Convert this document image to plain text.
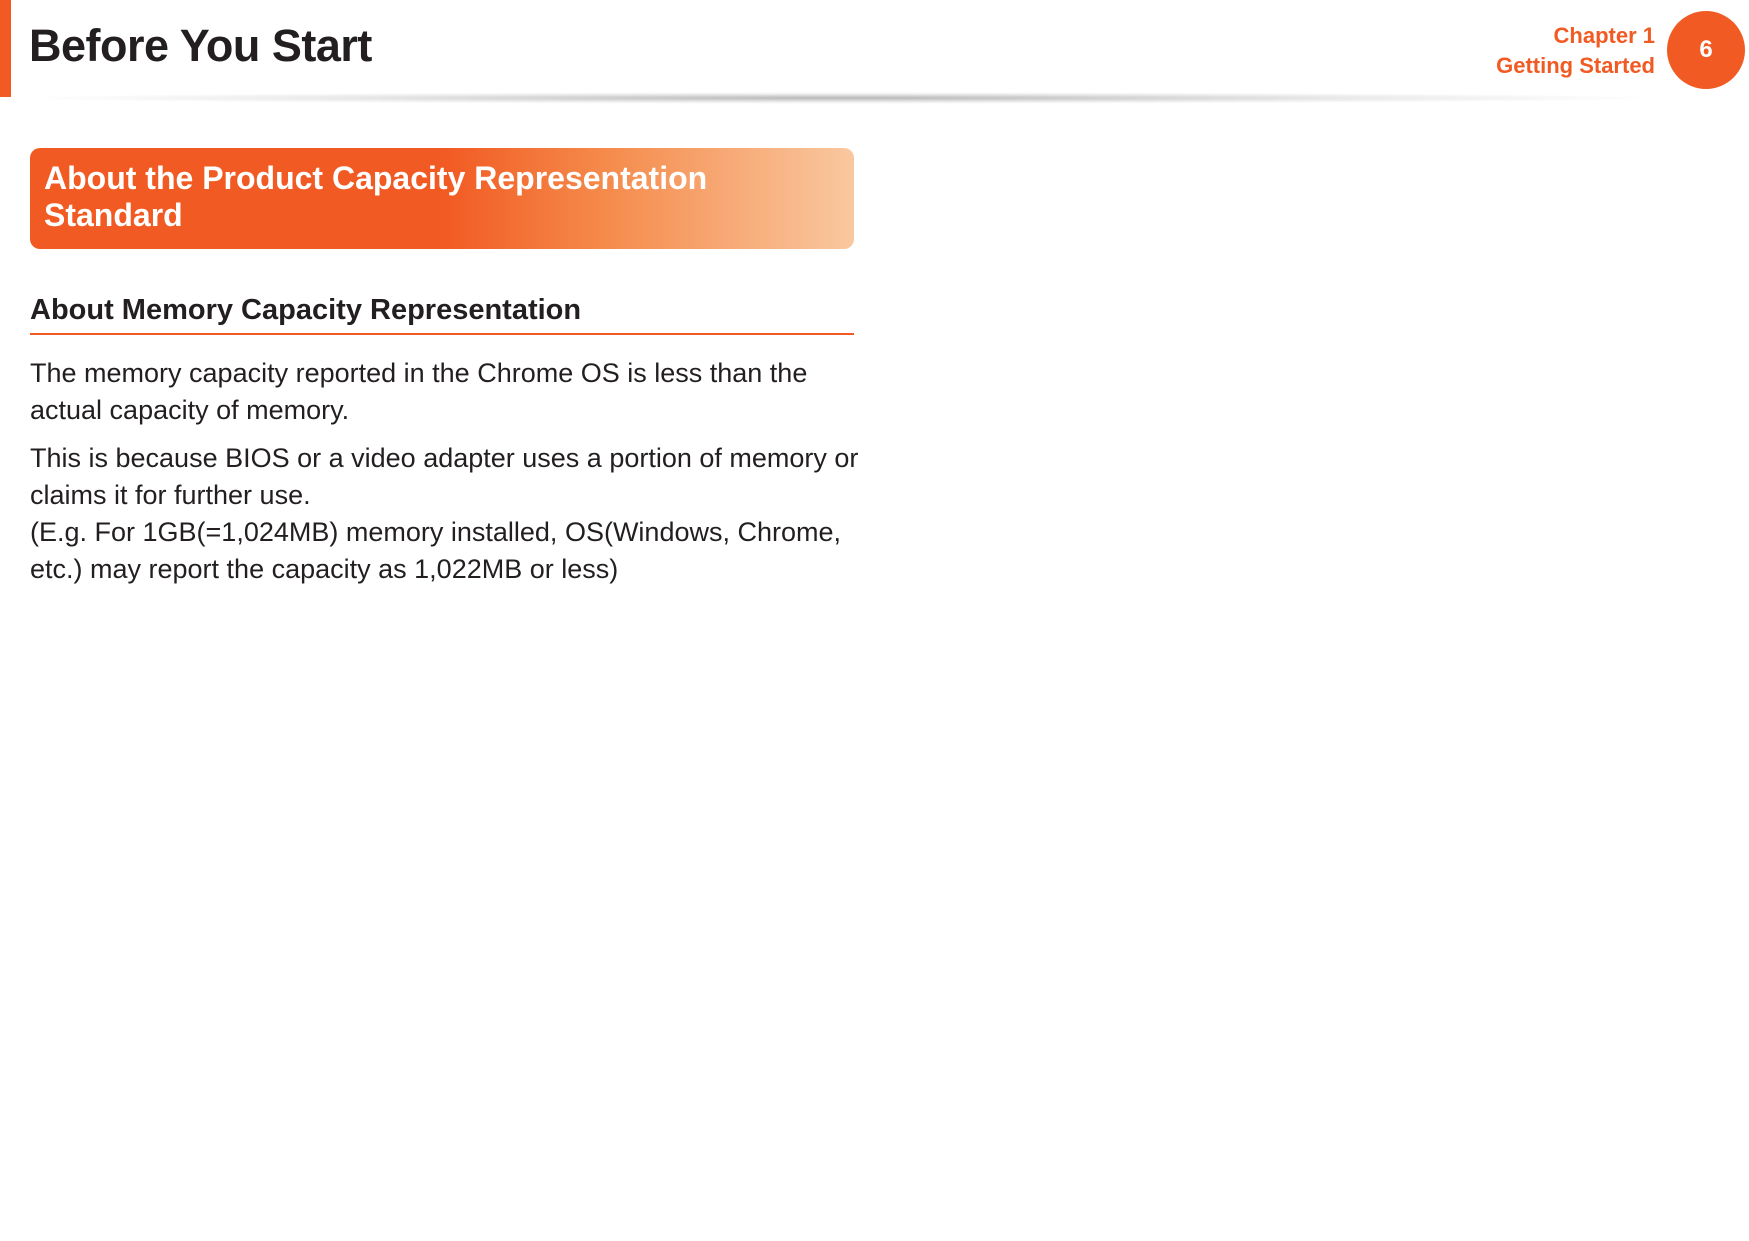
Before You Start	Chapter 1
Getting Started
6
About the Product Capacity Representation Standard
About Memory Capacity Representation

The memory capacity reported in the Chrome OS is less than the actual capacity of memory.

This is because BIOS or a video adapter uses a portion of memory or claims it for further use.
(E.g. For 1GB(=1,024MB) memory installed, OS(Windows, Chrome, etc.) may report the capacity as 1,022MB or less)
